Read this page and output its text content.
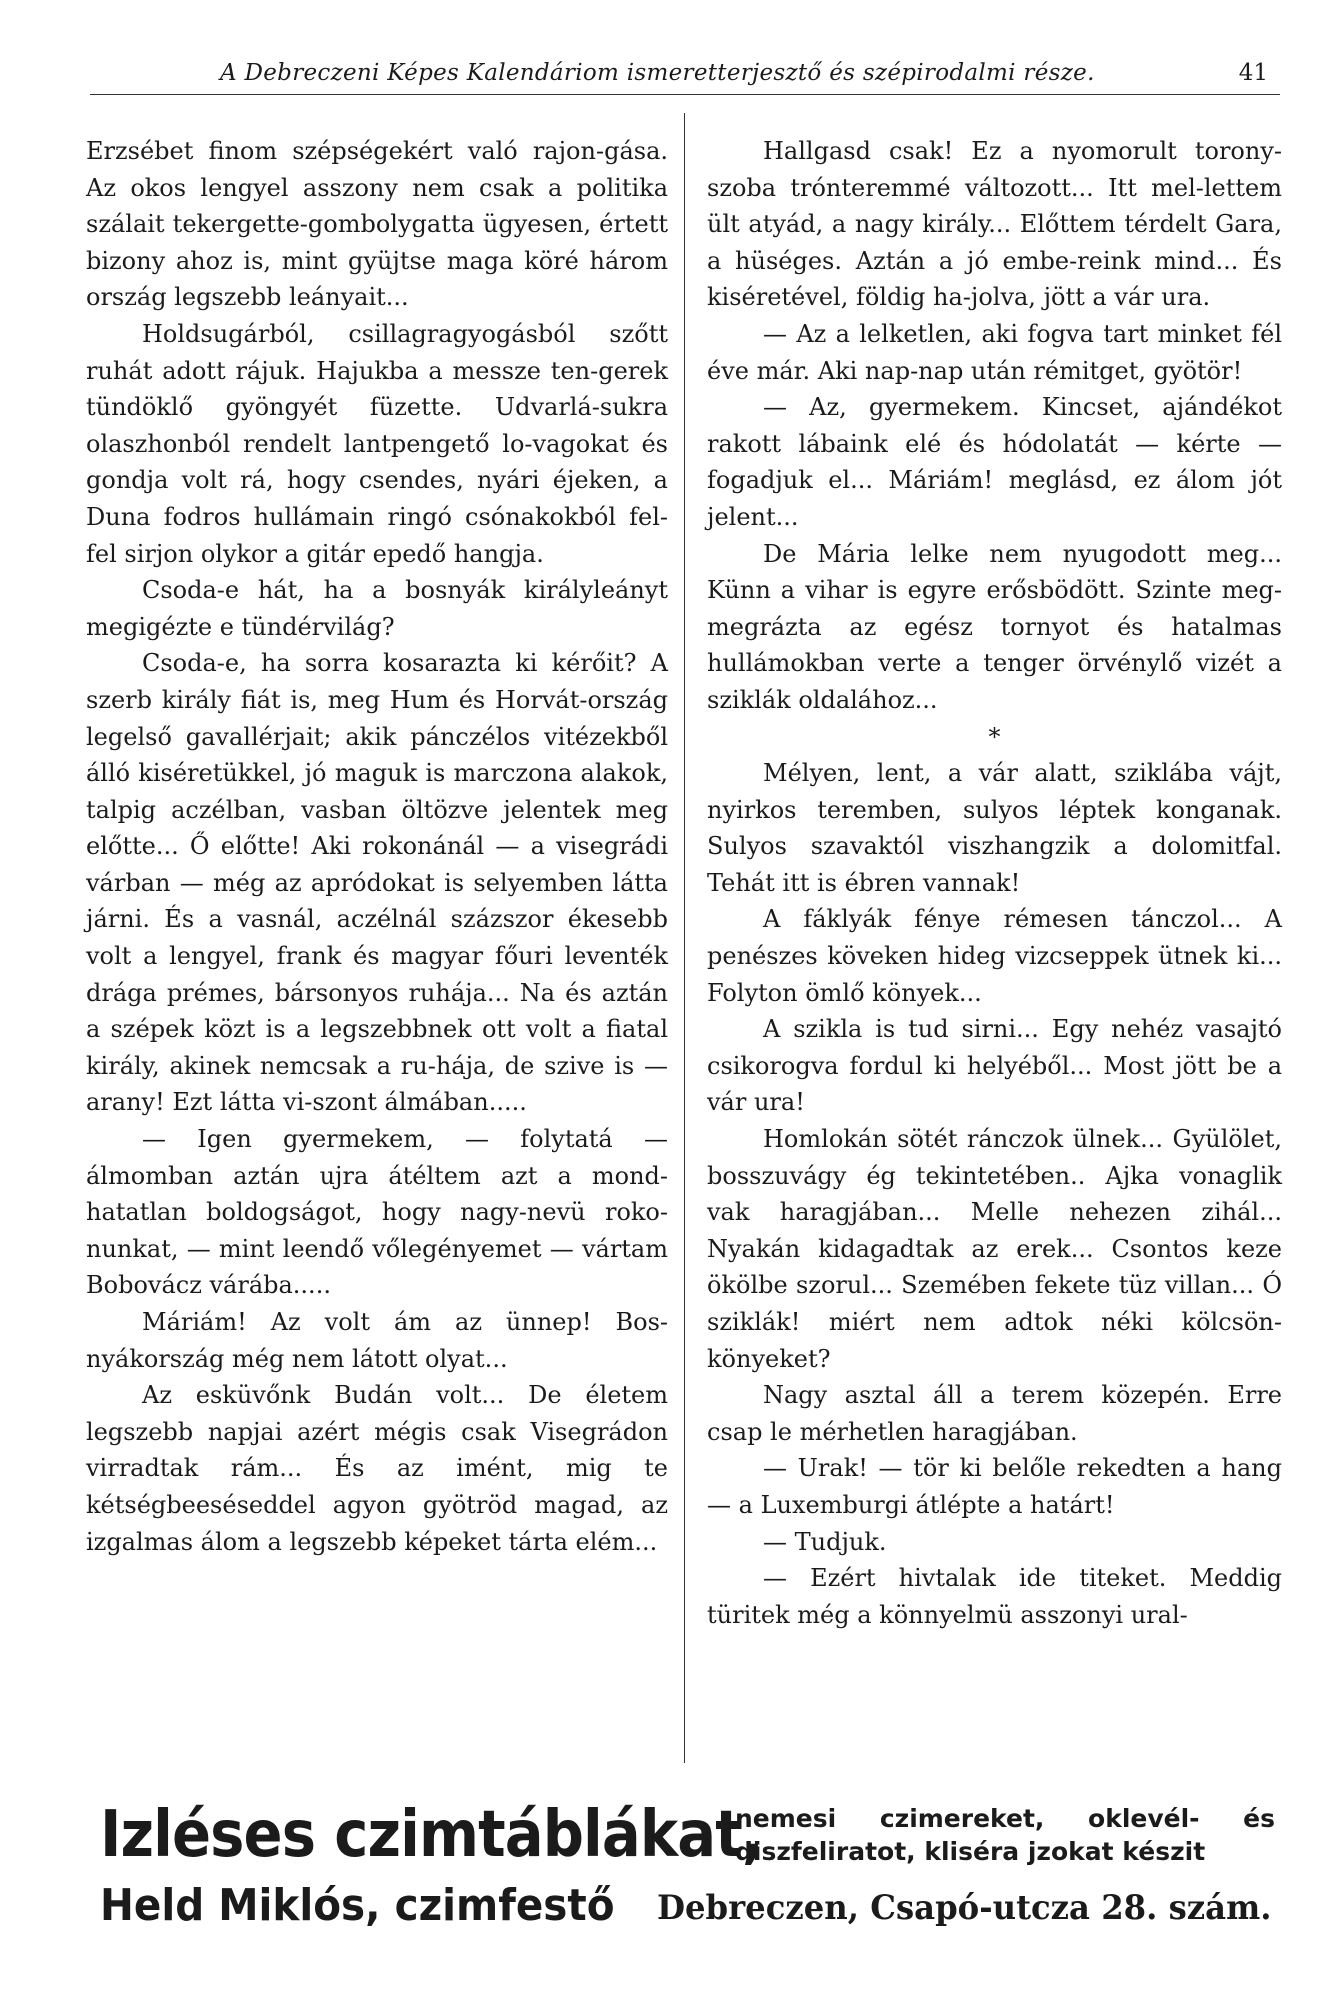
A Debreczeni Képes Kalendáriom ismeretterjesztő és szépirodalmi része.	41

Erzsébet finom szépségekért való rajon-gása. Az okos lengyel asszony nem csak a politika szálait tekergette-gombolygatta ügyesen, értett bizony ahoz is, mint gyüjtse maga köré három ország legszebb leányait...

Holdsugárból, csillagragyogásból szőtt ruhát adott rájuk. Hajukba a messze ten-gerek tündöklő gyöngyét füzette. Udvarlá-sukra olaszhonból rendelt lantpengető lo-vagokat és gondja volt rá, hogy csendes, nyári éjeken, a Duna fodros hullámain ringó csónakokból fel-fel sirjon olykor a gitár epedő hangja.

Csoda-e hát, ha a bosnyák királyleányt megigézte e tündérvilág?

Csoda-e, ha sorra kosarazta ki kérőit? A szerb király fiát is, meg Hum és Horvát-ország legelső gavallérjait; akik pánczélos vitézekből álló kiséretükkel, jó maguk is marczona alakok, talpig aczélban, vasban öltözve jelentek meg előtte... Ő előtte! Aki rokonánál — a visegrádi várban — még az apródokat is selyemben látta járni. És a vasnál, aczélnál százszor ékesebb volt a lengyel, frank és magyar főuri leventék drága prémes, bársonyos ruhája... Na és aztán a szépek közt is a legszebbnek ott volt a fiatal király, akinek nemcsak a ru-hája, de szive is — arany! Ezt látta vi-szont álmában.....

— Igen gyermekem, — folytatá — álmomban aztán ujra átéltem azt a mond-hatatlan boldogságot, hogy nagy-nevü roko-nunkat, — mint leendő vőlegényemet — vártam Bobovácz várába.....

Máriám! Az volt ám az ünnep! Bos-nyákország még nem látott olyat...

Az esküvőnk Budán volt... De életem legszebb napjai azért mégis csak Visegrádon virradtak rám... És az imént, mig te kétségbeeséseddel agyon gyötröd magad, az izgalmas álom a legszebb képeket tárta elém...

Hallgasd csak! Ez a nyomorult torony-szoba trónteremmé változott... Itt mel-lettem ült atyád, a nagy király... Előttem térdelt Gara, a hüséges. Aztán a jó embe-reink mind... És kiséretével, földig ha-jolva, jött a vár ura.

— Az a lelketlen, aki fogva tart minket fél éve már. Aki nap-nap után rémitget, gyötör!

— Az, gyermekem. Kincset, ajándékot rakott lábaink elé és hódolatát — kérte — fogadjuk el... Máriám! meglásd, ez álom jót jelent...

De Mária lelke nem nyugodott meg... Künn a vihar is egyre erősbödött. Szinte meg-megrázta az egész tornyot és hatalmas hullámokban verte a tenger örvénylő vizét a sziklák oldalához...

*

Mélyen, lent, a vár alatt, sziklába vájt, nyirkos teremben, sulyos léptek konganak. Sulyos szavaktól viszhangzik a dolomitfal. Tehát itt is ébren vannak!

A fáklyák fénye rémesen tánczol... A penészes köveken hideg vizcseppek ütnek ki... Folyton ömlő könyek...

A szikla is tud sirni... Egy nehéz vasajtó csikorogva fordul ki helyéből... Most jött be a vár ura!

Homlokán sötét ránczok ülnek... Gyülölet, bosszuvágy ég tekintetében.. Ajka vonaglik vak haragjában... Melle nehezen zihál... Nyakán kidagadtak az erek... Csontos keze ökölbe szorul... Szemében fekete tüz villan... Ó sziklák! miért nem adtok néki kölcsön-könyeket?

Nagy asztal áll a terem közepén. Erre csap le mérhetlen haragjában.

— Urak! — tör ki belőle rekedten a hang — a Luxemburgi átlépte a határt!

— Tudjuk.

— Ezért hivtalak ide titeket. Meddig türitek még a könnyelmü asszonyi ural-

Izléses czimtáblákat,
nemesi czimereket, oklevél- és diszfeliratot, kliséra jzokat készit
Held Miklós, czimfestő Debreczen, Csapó-utcza 28. szám.
